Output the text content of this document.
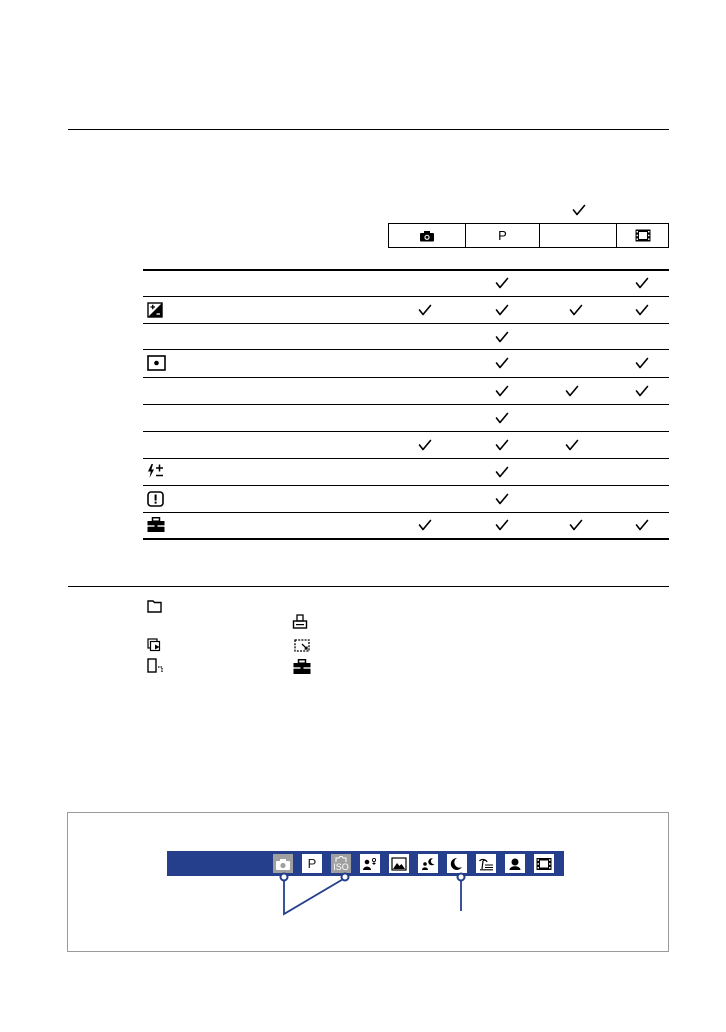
P
P ISO
